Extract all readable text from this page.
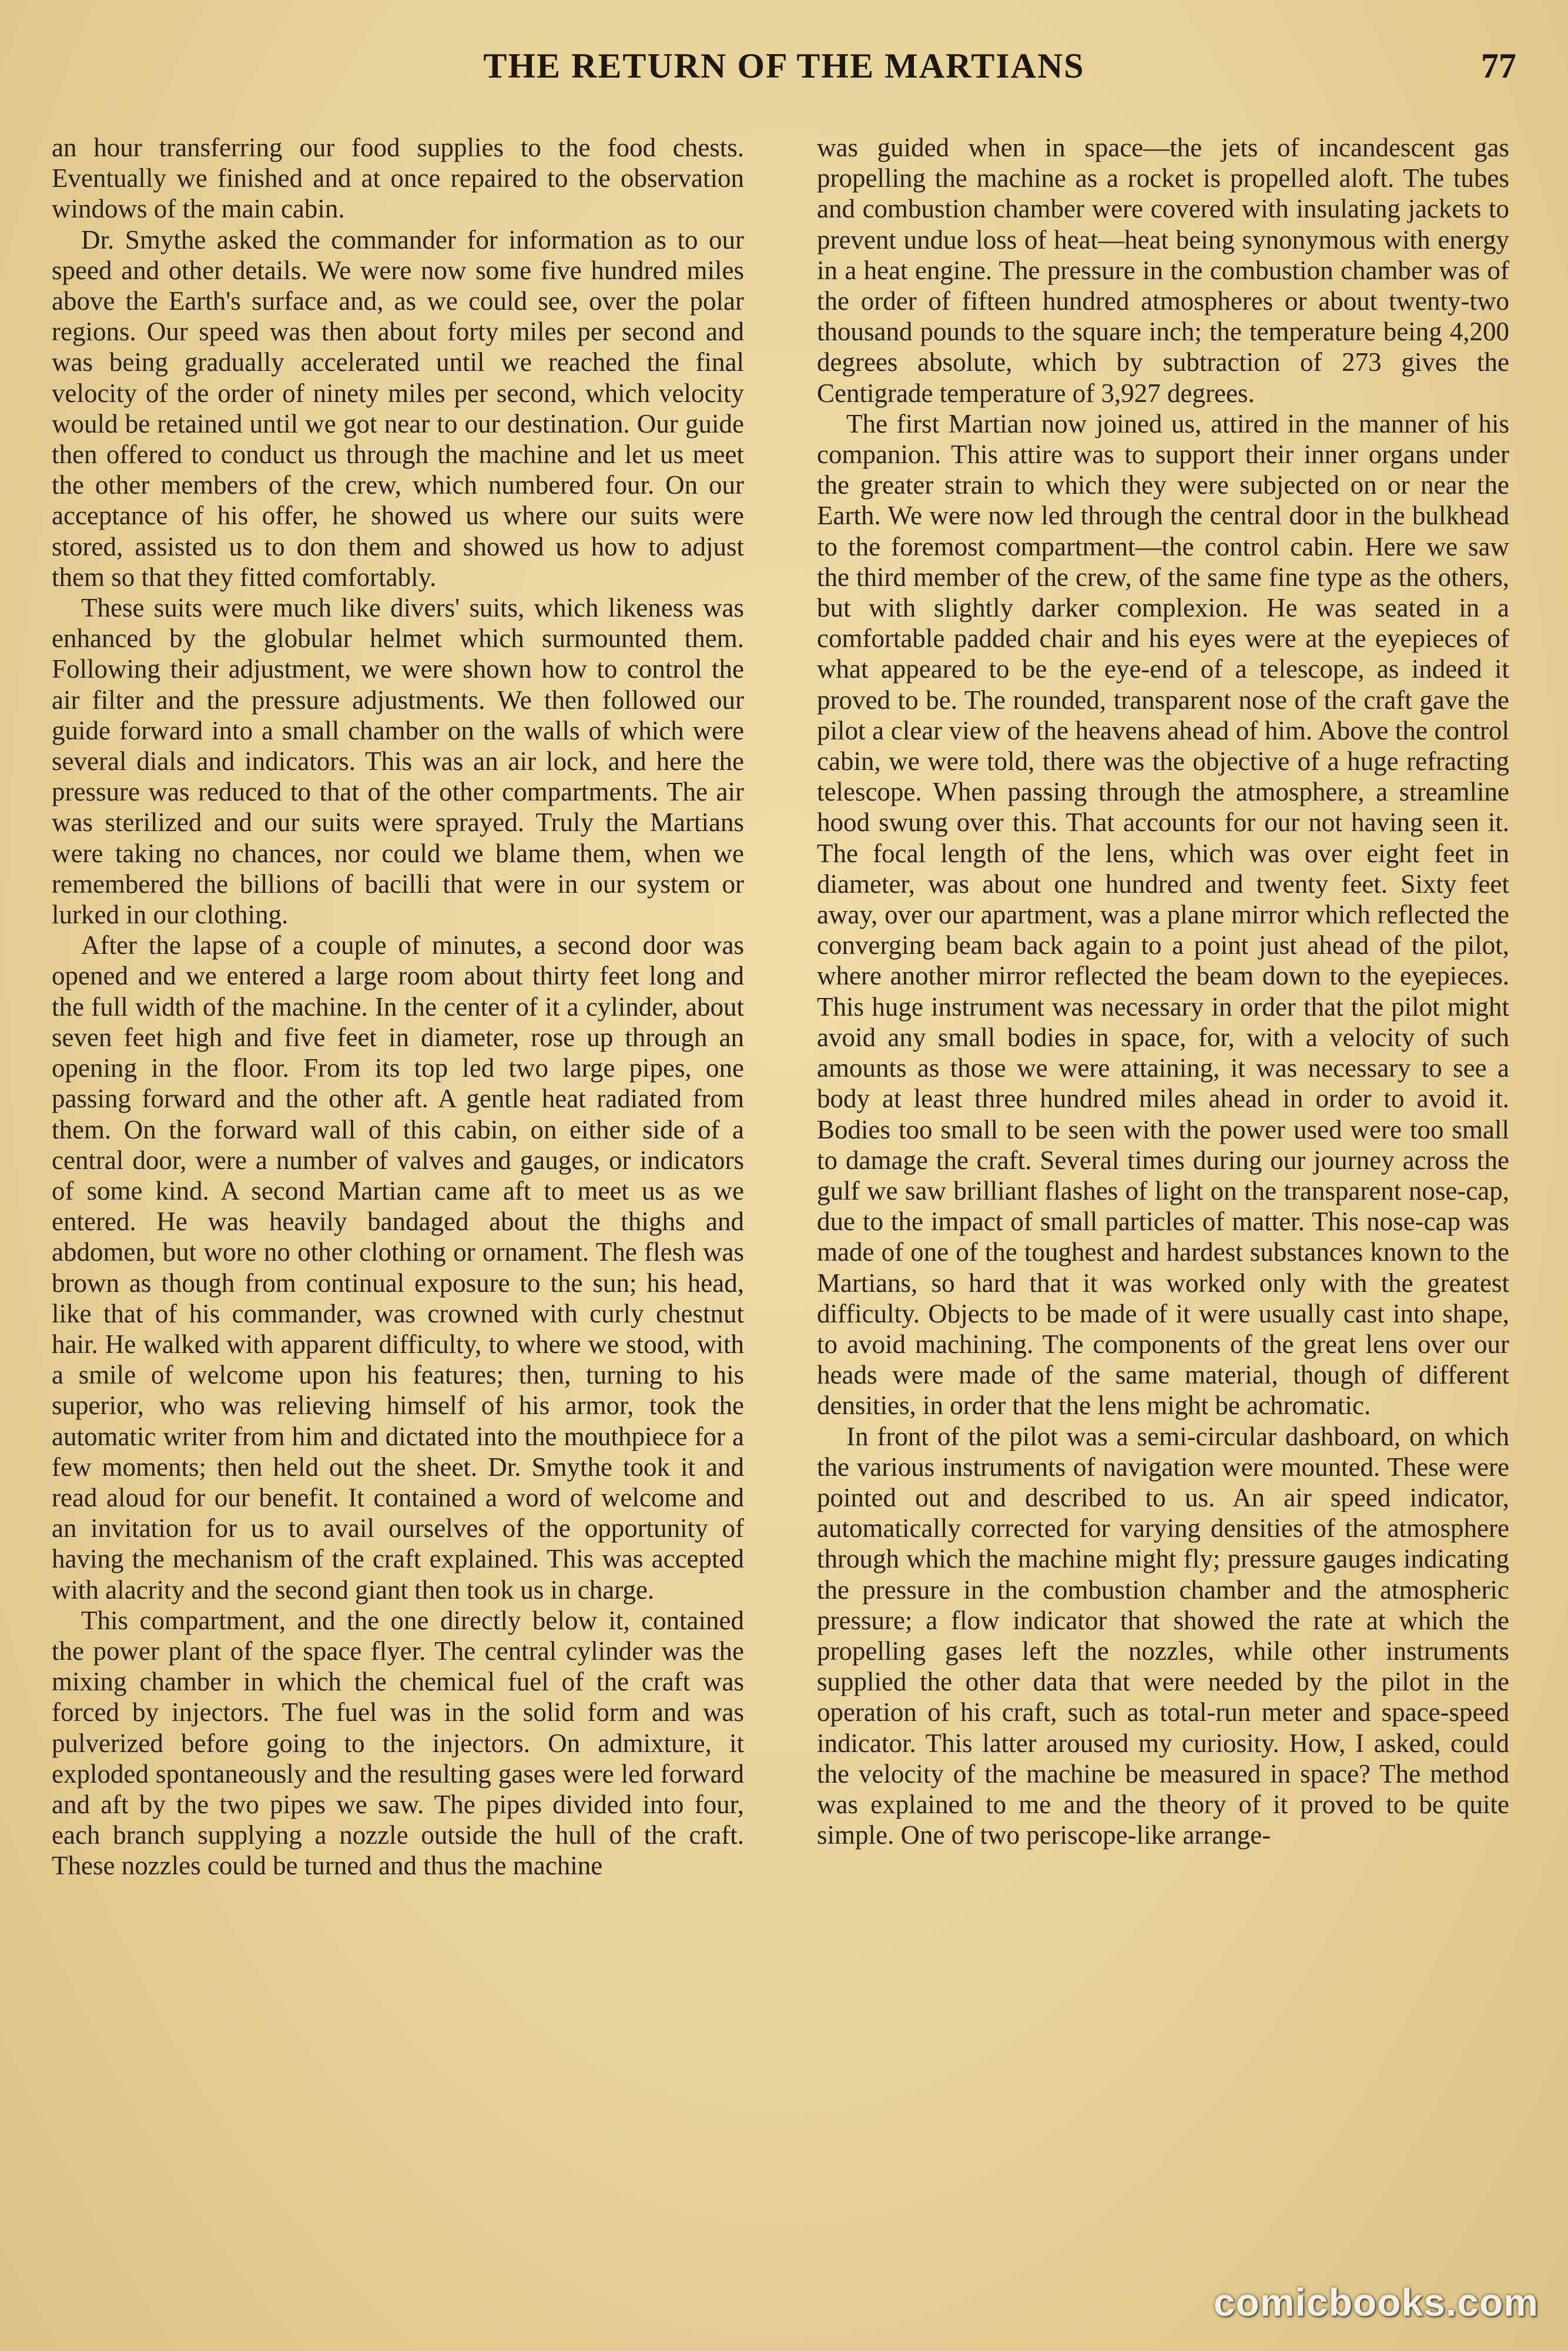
THE RETURN OF THE MARTIANS	77

an hour transferring our food supplies to the food chests. Eventually we finished and at once repaired to the observation windows of the main cabin.

Dr. Smythe asked the commander for information as to our speed and other details. We were now some five hundred miles above the Earth's surface and, as we could see, over the polar regions. Our speed was then about forty miles per second and was being gradually accelerated until we reached the final velocity of the order of ninety miles per second, which velocity would be retained until we got near to our destination. Our guide then offered to conduct us through the machine and let us meet the other members of the crew, which numbered four. On our acceptance of his offer, he showed us where our suits were stored, assisted us to don them and showed us how to adjust them so that they fitted comfortably.

These suits were much like divers' suits, which likeness was enhanced by the globular helmet which surmounted them. Following their adjustment, we were shown how to control the air filter and the pressure adjustments. We then followed our guide forward into a small chamber on the walls of which were several dials and indicators. This was an air lock, and here the pressure was reduced to that of the other compartments. The air was sterilized and our suits were sprayed. Truly the Martians were taking no chances, nor could we blame them, when we remembered the billions of bacilli that were in our system or lurked in our clothing.

After the lapse of a couple of minutes, a second door was opened and we entered a large room about thirty feet long and the full width of the machine. In the center of it a cylinder, about seven feet high and five feet in diameter, rose up through an opening in the floor. From its top led two large pipes, one passing forward and the other aft. A gentle heat radiated from them. On the forward wall of this cabin, on either side of a central door, were a number of valves and gauges, or indicators of some kind. A second Martian came aft to meet us as we entered. He was heavily bandaged about the thighs and abdomen, but wore no other clothing or ornament. The flesh was brown as though from continual exposure to the sun; his head, like that of his commander, was crowned with curly chestnut hair. He walked with apparent difficulty, to where we stood, with a smile of welcome upon his features; then, turning to his superior, who was relieving himself of his armor, took the automatic writer from him and dictated into the mouthpiece for a few moments; then held out the sheet. Dr. Smythe took it and read aloud for our benefit. It contained a word of welcome and an invitation for us to avail ourselves of the opportunity of having the mechanism of the craft explained. This was accepted with alacrity and the second giant then took us in charge.

This compartment, and the one directly below it, contained the power plant of the space flyer. The central cylinder was the mixing chamber in which the chemical fuel of the craft was forced by injectors. The fuel was in the solid form and was pulverized before going to the injectors. On admixture, it exploded spontaneously and the resulting gases were led forward and aft by the two pipes we saw. The pipes divided into four, each branch supplying a nozzle outside the hull of the craft. These nozzles could be turned and thus the machine

was guided when in space—the jets of incandescent gas propelling the machine as a rocket is propelled aloft. The tubes and combustion chamber were covered with insulating jackets to prevent undue loss of heat—heat being synonymous with energy in a heat engine. The pressure in the combustion chamber was of the order of fifteen hundred atmospheres or about twenty-two thousand pounds to the square inch; the temperature being 4,200 degrees absolute, which by subtraction of 273 gives the Centigrade temperature of 3,927 degrees.

The first Martian now joined us, attired in the manner of his companion. This attire was to support their inner organs under the greater strain to which they were subjected on or near the Earth. We were now led through the central door in the bulkhead to the foremost compartment—the control cabin. Here we saw the third member of the crew, of the same fine type as the others, but with slightly darker complexion. He was seated in a comfortable padded chair and his eyes were at the eyepieces of what appeared to be the eye-end of a telescope, as indeed it proved to be. The rounded, transparent nose of the craft gave the pilot a clear view of the heavens ahead of him. Above the control cabin, we were told, there was the objective of a huge refracting telescope. When passing through the atmosphere, a streamline hood swung over this. That accounts for our not having seen it. The focal length of the lens, which was over eight feet in diameter, was about one hundred and twenty feet. Sixty feet away, over our apartment, was a plane mirror which reflected the converging beam back again to a point just ahead of the pilot, where another mirror reflected the beam down to the eyepieces. This huge instrument was necessary in order that the pilot might avoid any small bodies in space, for, with a velocity of such amounts as those we were attaining, it was necessary to see a body at least three hundred miles ahead in order to avoid it. Bodies too small to be seen with the power used were too small to damage the craft. Several times during our journey across the gulf we saw brilliant flashes of light on the transparent nose-cap, due to the impact of small particles of matter. This nose-cap was made of one of the toughest and hardest substances known to the Martians, so hard that it was worked only with the greatest difficulty. Objects to be made of it were usually cast into shape, to avoid machining. The components of the great lens over our heads were made of the same material, though of different densities, in order that the lens might be achromatic.

In front of the pilot was a semi-circular dashboard, on which the various instruments of navigation were mounted. These were pointed out and described to us. An air speed indicator, automatically corrected for varying densities of the atmosphere through which the machine might fly; pressure gauges indicating the pressure in the combustion chamber and the atmospheric pressure; a flow indicator that showed the rate at which the propelling gases left the nozzles, while other instruments supplied the other data that were needed by the pilot in the operation of his craft, such as total-run meter and space-speed indicator. This latter aroused my curiosity. How, I asked, could the velocity of the machine be measured in space? The method was explained to me and the theory of it proved to be quite simple. One of two periscope-like arrange-

comicbooks.com
